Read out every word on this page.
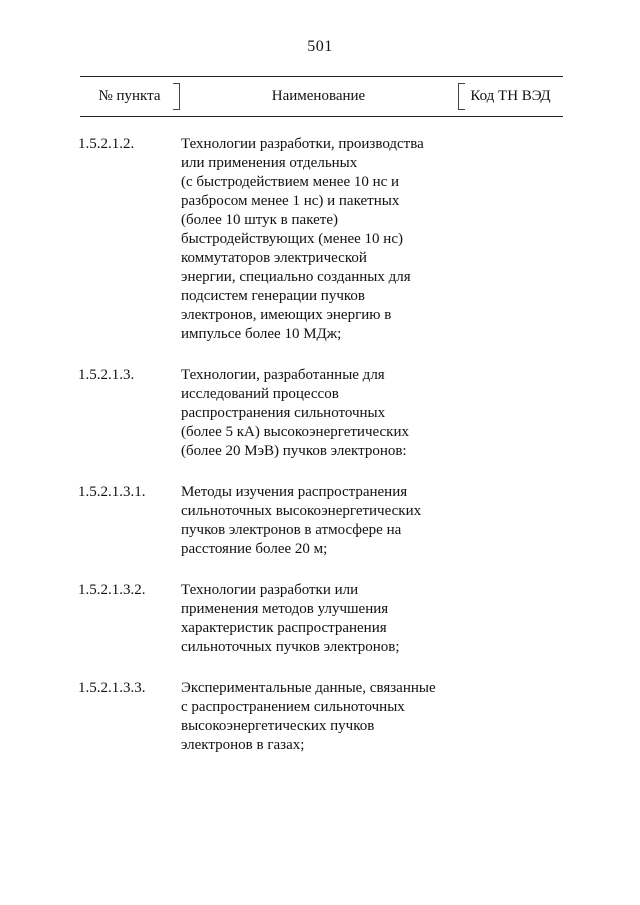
501
№ пункта	Наименование	Код ТН ВЭД
1.5.2.1.2.	Технологии разработки, производства
или применения отдельных
(с быстродействием менее 10 нс и
разбросом менее 1 нс) и пакетных
(более 10 штук в пакете)
быстродействующих (менее 10 нс)
коммутаторов электрической
энергии, специально созданных для
подсистем генерации пучков
электронов, имеющих энергию в
импульсе более 10 МДж;
1.5.2.1.3.	Технологии, разработанные для
исследований процессов
распространения сильноточных
(более 5 кА) высокоэнергетических
(более 20 МэВ) пучков электронов:
1.5.2.1.3.1. Методы изучения распространения
сильноточных высокоэнергетических
пучков электронов в атмосфере на
расстояние более 20 м;
1.5.2.1.3.2. Технологии разработки или
применения методов улучшения
характеристик распространения
сильноточных пучков электронов;
1.5.2.1.3.3. Экспериментальные данные, связанные
с распространением сильноточных
высокоэнергетических пучков
электронов в газах;
